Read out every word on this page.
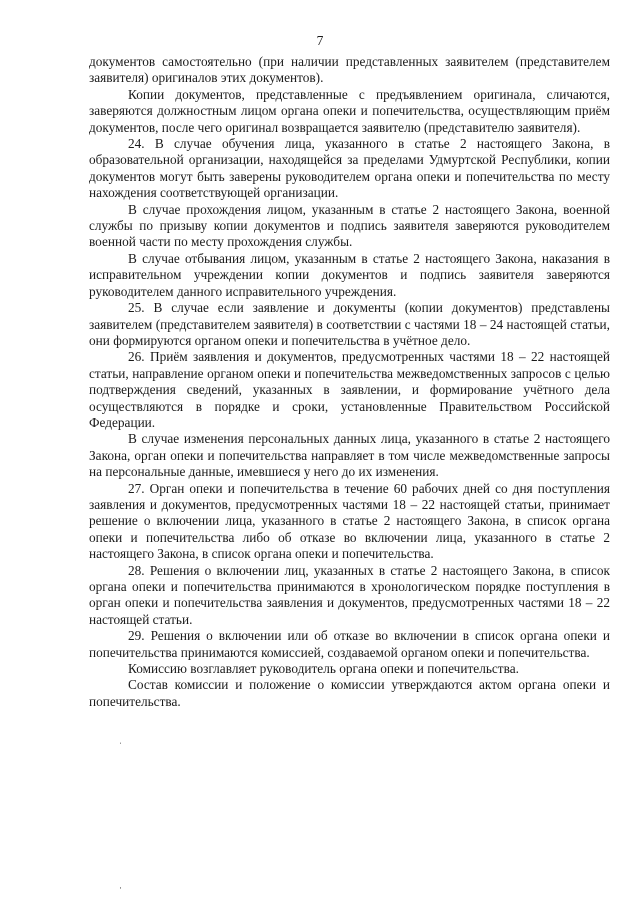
7

документов самостоятельно (при наличии представленных заявителем (представителем заявителя) оригиналов этих документов).

Копии документов, представленные с предъявлением оригинала, сличаются, заверяются должностным лицом органа опеки и попечительства, осуществляющим приём документов, после чего оригинал возвращается заявителю (представителю заявителя).

24. В случае обучения лица, указанного в статье 2 настоящего Закона, в образовательной организации, находящейся за пределами Удмуртской Республики, копии документов могут быть заверены руководителем органа опеки и попечительства по месту нахождения соответствующей организации.

В случае прохождения лицом, указанным в статье 2 настоящего Закона, военной службы по призыву копии документов и подпись заявителя заверяются руководителем военной части по месту прохождения службы.

В случае отбывания лицом, указанным в статье 2 настоящего Закона, наказания в исправительном учреждении копии документов и подпись заявителя заверяются руководителем данного исправительного учреждения.

25. В случае если заявление и документы (копии документов) представлены заявителем (представителем заявителя) в соответствии с частями 18 – 24 настоящей статьи, они формируются органом опеки и попечительства в учётное дело.

26. Приём заявления и документов, предусмотренных частями 18 – 22 настоящей статьи, направление органом опеки и попечительства межведомственных запросов с целью подтверждения сведений, указанных в заявлении, и формирование учётного дела осуществляются в порядке и сроки, установленные Правительством Российской Федерации.

В случае изменения персональных данных лица, указанного в статье 2 настоящего Закона, орган опеки и попечительства направляет в том числе межведомственные запросы на персональные данные, имевшиеся у него до их изменения.

27. Орган опеки и попечительства в течение 60 рабочих дней со дня поступления заявления и документов, предусмотренных частями 18 – 22 настоящей статьи, принимает решение о включении лица, указанного в статье 2 настоящего Закона, в список органа опеки и попечительства либо об отказе во включении лица, указанного в статье 2 настоящего Закона, в список органа опеки и попечительства.

28. Решения о включении лиц, указанных в статье 2 настоящего Закона, в список органа опеки и попечительства принимаются в хронологическом порядке поступления в орган опеки и попечительства заявления и документов, предусмотренных частями 18 – 22 настоящей статьи.

29. Решения о включении или об отказе во включении в список органа опеки и попечительства принимаются комиссией, создаваемой органом опеки и попечительства.

Комиссию возглавляет руководитель органа опеки и попечительства.

Состав комиссии и положение о комиссии утверждаются актом органа опеки и попечительства.

ˈ
·
